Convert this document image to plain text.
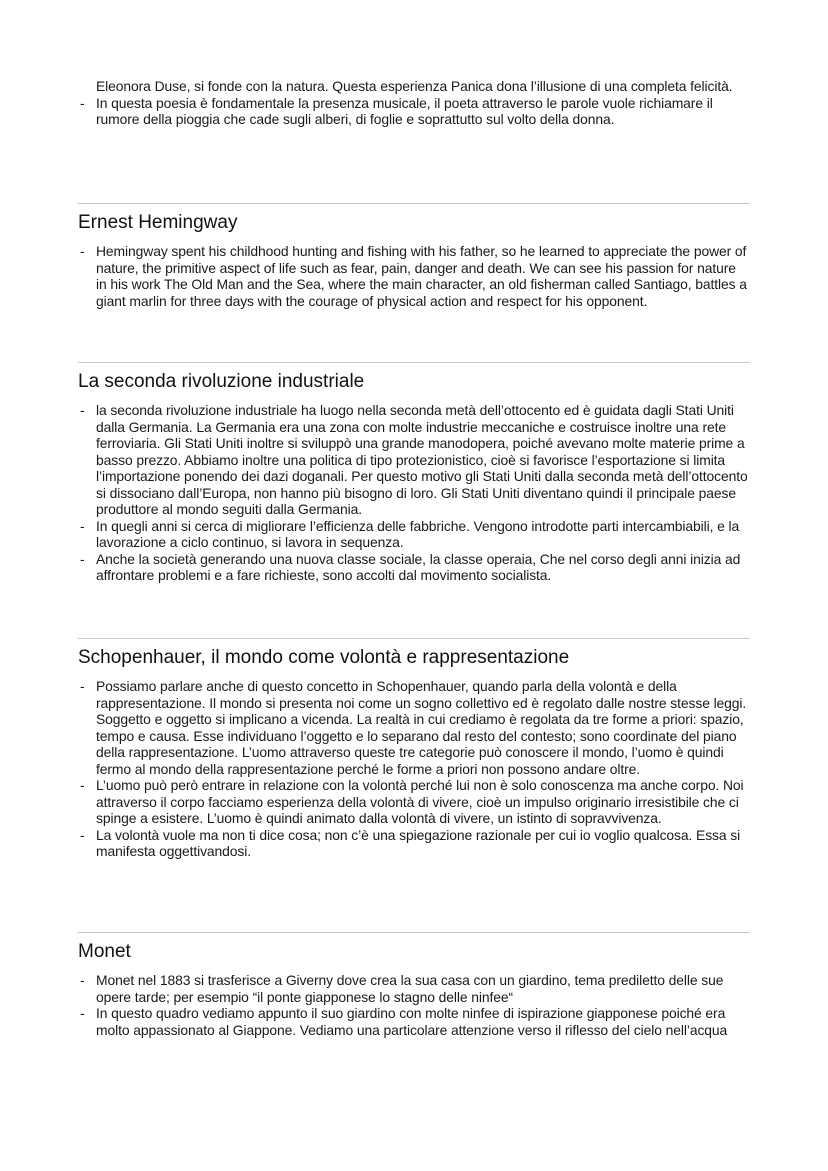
Eleonora Duse, si fonde con la natura. Questa esperienza Panica dona l’illusione di una completa felicità.
- In questa poesia è fondamentale la presenza musicale, il poeta attraverso le parole vuole richiamare il rumore della pioggia che cade sugli alberi, di foglie e soprattutto sul volto della donna.
Ernest Hemingway
- Hemingway spent his childhood hunting and fishing with his father, so he learned to appreciate the power of nature, the primitive aspect of life such as fear, pain, danger and death. We can see his passion for nature in his work The Old Man and the Sea, where the main character, an old fisherman called Santiago, battles a giant marlin for three days with the courage of physical action and respect for his opponent.
La seconda rivoluzione industriale
- la seconda rivoluzione industriale ha luogo nella seconda metà dell’ottocento ed è guidata dagli Stati Uniti dalla Germania. La Germania era una zona con molte industrie meccaniche e costruisce inoltre una rete ferroviaria. Gli Stati Uniti inoltre si sviluppò una grande manodopera, poiché avevano molte materie prime a basso prezzo. Abbiamo inoltre una politica di tipo protezionistico, cioè si favorisce l’esportazione si limita l’importazione ponendo dei dazi doganali. Per questo motivo gli Stati Uniti dalla seconda metà dell’ottocento si dissociano dall’Europa, non hanno più bisogno di loro. Gli Stati Uniti diventano quindi il principale paese produttore al mondo seguiti dalla Germania.
- In quegli anni si cerca di migliorare l’efficienza delle fabbriche. Vengono introdotte parti intercambiabili, e la lavorazione a ciclo continuo, si lavora in sequenza.
- Anche la società generando una nuova classe sociale, la classe operaia, Che nel corso degli anni inizia ad affrontare problemi e a fare richieste, sono accolti dal movimento socialista.
Schopenhauer, il mondo come volontà e rappresentazione
- Possiamo parlare anche di questo concetto in Schopenhauer, quando parla della volontà e della rappresentazione. Il mondo si presenta noi come un sogno collettivo ed è regolato dalle nostre stesse leggi. Soggetto e oggetto si implicano a vicenda. La realtà in cui crediamo è regolata da tre forme a priori: spazio, tempo e causa. Esse individuano l’oggetto e lo separano dal resto del contesto; sono coordinate del piano della rappresentazione. L’uomo attraverso queste tre categorie può conoscere il mondo, l’uomo è quindi fermo al mondo della rappresentazione perché le forme a priori non possono andare oltre.
- L’uomo può però entrare in relazione con la volontà perché lui non è solo conoscenza ma anche corpo. Noi attraverso il corpo facciamo esperienza della volontà di vivere, cioè un impulso originario irresistibile che ci spinge a esistere. L’uomo è quindi animato dalla volontà di vivere, un istinto di sopravvivenza.
- La volontà vuole ma non ti dice cosa; non c’è una spiegazione razionale per cui io voglio qualcosa. Essa si manifesta oggettivandosi.
Monet
- Monet nel 1883 si trasferisce a Giverny dove crea la sua casa con un giardino, tema prediletto delle sue opere tarde; per esempio “il ponte giapponese lo stagno delle ninfee“
- In questo quadro vediamo appunto il suo giardino con molte ninfee di ispirazione giapponese poiché era molto appassionato al Giappone. Vediamo una particolare attenzione verso il riflesso del cielo nell’acqua
